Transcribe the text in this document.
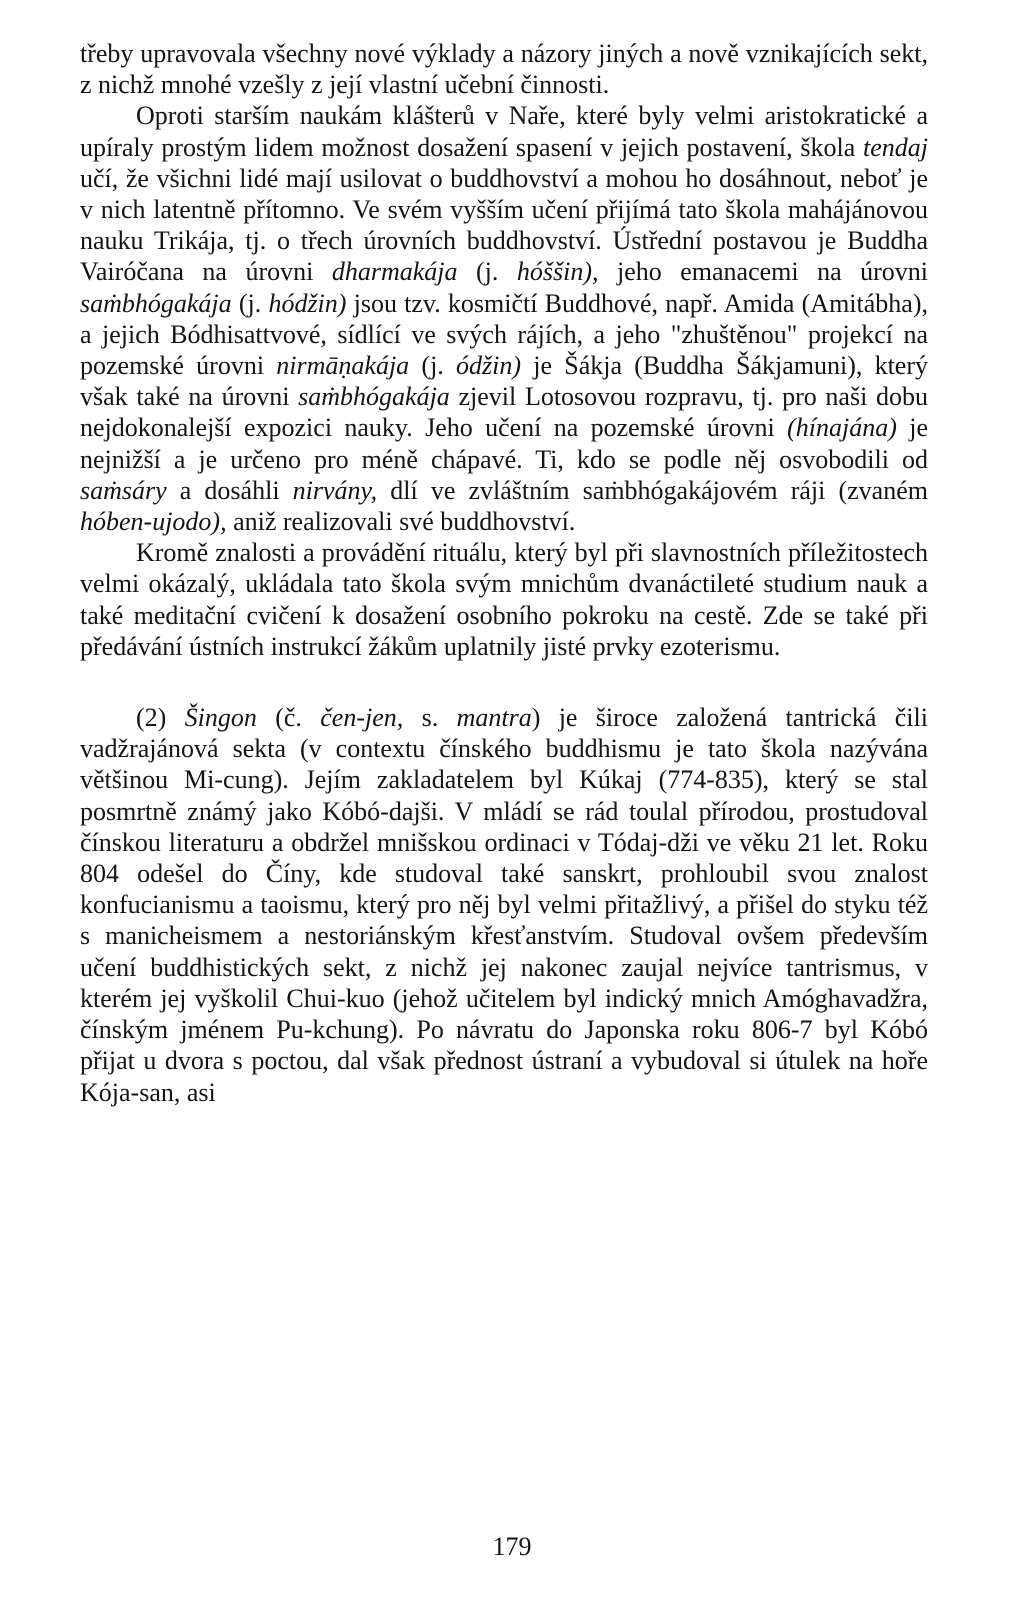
třeby upravovala všechny nové výklady a názory jiných a nově vznikajících sekt, z nichž mnohé vzešly z její vlastní učební činnosti.

Oproti starším naukám klášterů v Naře, které byly velmi aristokratické a upíraly prostým lidem možnost dosažení spasení v jejich postavení, škola tendaj učí, že všichni lidé mají usilovat o buddhovství a mohou ho dosáhnout, neboť je v nich latentně přítomno. Ve svém vyšším učení přijímá tato škola mahájánovou nauku Trikája, tj. o třech úrovních buddhovství. Ústřední postavou je Buddha Vairóčana na úrovni dharmakája (j. hóššin), jeho emanacemi na úrovni saṁbhógakája (j. hódžin) jsou tzv. kosmičtí Buddhové, např. Amida (Amitábha), a jejich Bódhisattvové, sídlící ve svých rájích, a jeho "zhuštěnou" projekcí na pozemské úrovni nirmāṇakája (j. ódžin) je Šákja (Buddha Šákjamuni), který však také na úrovni saṁbhógakája zjevil Lotosovou rozpravu, tj. pro naši dobu nejdokonalejší expozici nauky. Jeho učení na pozemské úrovni (hínajána) je nejnižší a je určeno pro méně chápavé. Ti, kdo se podle něj osvobodili od saṁsáry a dosáhli nirvány, dlí ve zvláštním saṁbhógakájovém ráji (zvaném hóben-ujodo), aniž realizovali své buddhovství.

Kromě znalosti a provádění rituálu, který byl při slavnostních příležitostech velmi okázalý, ukládala tato škola svým mnichům dvanáctileté studium nauk a také meditační cvičení k dosažení osobního pokroku na cestě. Zde se také při předávání ústních instrukcí žákům uplatnily jisté prvky ezoterismu.

(2) Šingon (č. čen-jen, s. mantra) je široce založená tantrická čili vadžrajánová sekta (v contextu čínského buddhismu je tato škola nazývána většinou Mi-cung). Jejím zakladatelem byl Kúkaj (774-835), který se stal posmrtně známý jako Kóbó-dajši. V mládí se rád toulal přírodou, prostudoval čínskou literaturu a obdržel mnišskou ordinaci v Tódaj-dži ve věku 21 let. Roku 804 odešel do Číny, kde studoval také sanskrt, prohloubil svou znalost konfucianismu a taoismu, který pro něj byl velmi přitažlivý, a přišel do styku též s manicheismem a nestoriánským křesťanstvím. Studoval ovšem především učení buddhistických sekt, z nichž jej nakonec zaujal nejvíce tantrismus, v kterém jej vyškolil Chui-kuo (jehož učitelem byl indický mnich Amóghavadžra, čínským jménem Pu-kchung). Po návratu do Japonska roku 806-7 byl Kóbó přijat u dvora s poctou, dal však přednost ústraní a vybudoval si útulek na hoře Kója-san, asi

179
